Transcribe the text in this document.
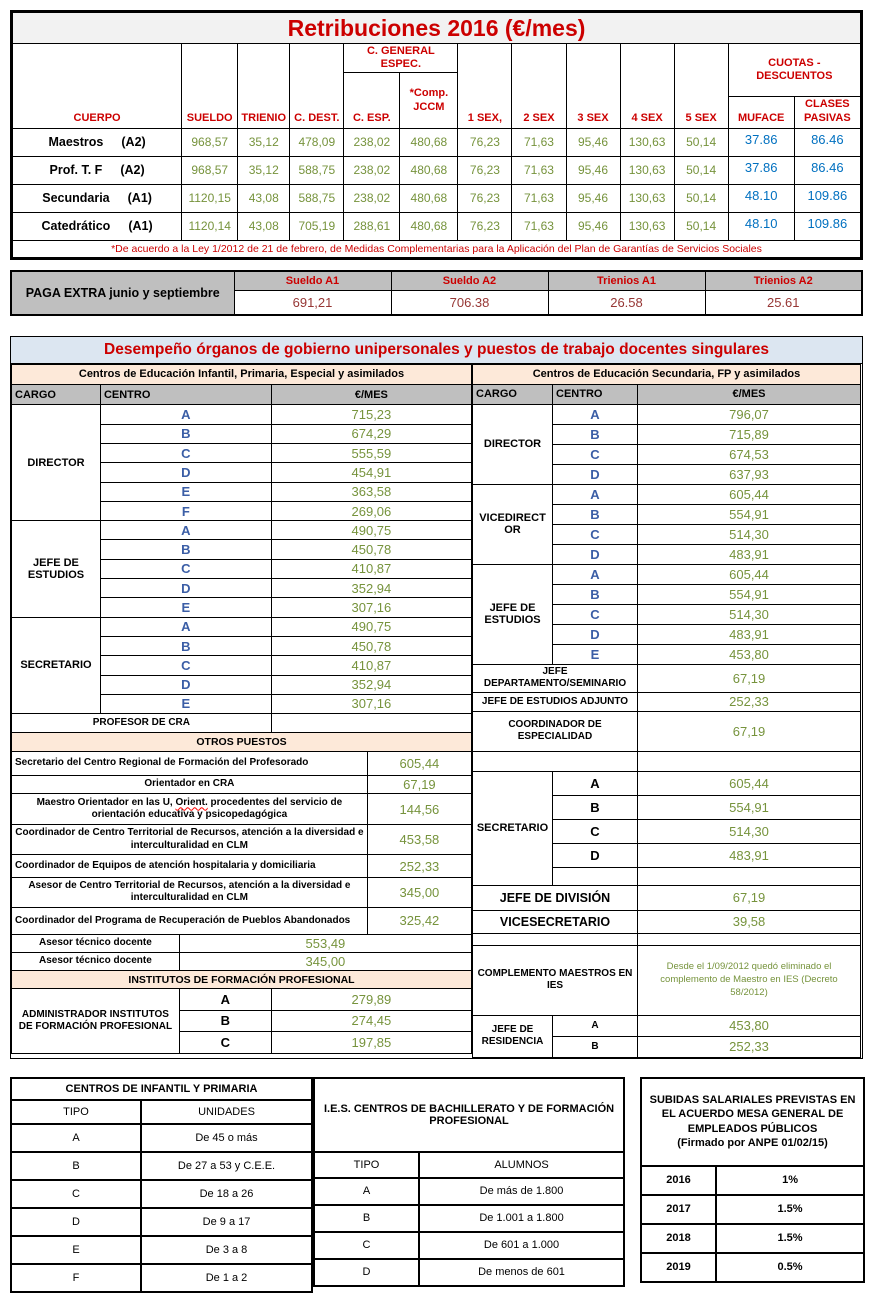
Retribuciones 2016 (€/mes)												
CUERPO	SUELDO	TRIENIO	C. DEST.	C. GENERAL ESPEC.		1 SEX,	2 SEX	3 SEX	4 SEX	5 SEX	CUOTAS - DESCUENTOS	
				C. ESP.	*Comp. JCCM							
											MUFACE	CLASES PASIVAS

Maestros (A2)	968,57	35,12	478,09	238,02	480,68	76,23	71,63	95,46	130,63	50,14	37.86	86.46

Prof. T. F (A2)	968,57	35,12	588,75	238,02	480,68	76,23	71,63	95,46	130,63	50,14	37.86	86.46

Secundaria (A1)	1120,15	43,08	588,75	238,02	480,68	76,23	71,63	95,46	130,63	50,14	48.10	109.86

Catedrático (A1)	1120,14	43,08	705,19	288,61	480,68	76,23	71,63	95,46	130,63	50,14	48.10	109.86
*De acuerdo a la Ley 1/2012 de 21 de febrero, de Medidas Complementarias para la Aplicación del Plan de Garantías de Servicios Sociales												
PAGA EXTRA junio y septiembre	Sueldo A1	Sueldo A2	Trienios A1	Trienios A2
	691,21	706.38	26.58	25.61
Desempeño órganos de gobierno unipersonales y puestos de trabajo docentes singulares
Centros de Educación Infantil, Primaria, Especial y asimilados				
CARGO	CENTRO		€/MES	
DIRECTOR	A		715,23	
	B		674,29	
	C		555,59	
	D		454,91	
	E		363,58	
	F		269,06	
JEFE DE ESTUDIOS	A		490,75	
	B		450,78	
	C		410,87	
	D		352,94	
	E		307,16	
SECRETARIO	A		490,75	
	B		450,78	
	C		410,87	
	D		352,94	
	E		307,16	
PROFESOR DE CRA				
OTROS PUESTOS				
Secretario del Centro Regional de Formación del Profesorado				605,44
Orientador en CRA				67,19
Maestro Orientador en las U, Orient. procedentes del servicio de orientación educativa y psicopedagógica				144,56
Coordinador de Centro Territorial de Recursos, atención a la diversidad e interculturalidad en CLM				453,58
Coordinador de Equipos de atención hospitalaria y domiciliaria				252,33
Asesor de Centro Territorial de Recursos, atención a la diversidad e interculturalidad en CLM				345,00
Coordinador del Programa de Recuperación de Pueblos Abandonados				325,42
Asesor técnico docente		553,49		
Asesor técnico docente		345,00		
INSTITUTOS DE FORMACIÓN PROFESIONAL				
ADMINISTRADOR INSTITUTOS DE FORMACIÓN PROFESIONAL		A	279,89	
		B	274,45	
		C	197,85	
Centros de Educación Secundaria, FP y asimilados		
CARGO	CENTRO	€/MES
DIRECTOR	A	796,07
	B	715,89
	C	674,53
	D	637,93
VICEDIRECTOR	A	605,44
	B	554,91
	C	514,30
	D	483,91
JEFE DE ESTUDIOS	A	605,44
	B	554,91
	C	514,30
	D	483,91
	E	453,80
JEFE DEPARTAMENTO/SEMINARIO		67,19
JEFE DE ESTUDIOS ADJUNTO		252,33
COORDINADOR DE ESPECIALIDAD		67,19

SECRETARIO	A	605,44
	B	554,91
	C	514,30
	D	483,91

JEFE DE DIVISIÓN		67,19
VICESECRETARIO		39,58

COMPLEMENTO MAESTROS EN IES		Desde el 1/09/2012 quedó eliminado el complemento de Maestro en IES (Decreto 58/2012)
JEFE DE RESIDENCIA	A	453,80
	B	252,33
CENTROS DE INFANTIL Y PRIMARIA	
TIPO	UNIDADES
A	De 45 o más
B	De 27 a 53 y C.E.E.
C	De 18 a 26
D	De 9 a 17
E	De 3 a 8
F	De 1 a 2
I.E.S. CENTROS DE BACHILLERATO Y DE FORMACIÓN PROFESIONAL	
TIPO	ALUMNOS
A	De más de 1.800
B	De 1.001 a 1.800
C	De 601 a 1.000
D	De menos de 601
SUBIDAS SALARIALES PREVISTAS EN EL ACUERDO MESA GENERAL DE EMPLEADOS PÚBLICOS
(Firmado por ANPE 01/02/15)	

2016	1%
2017	1.5%
2018	1.5%
2019	0.5%
